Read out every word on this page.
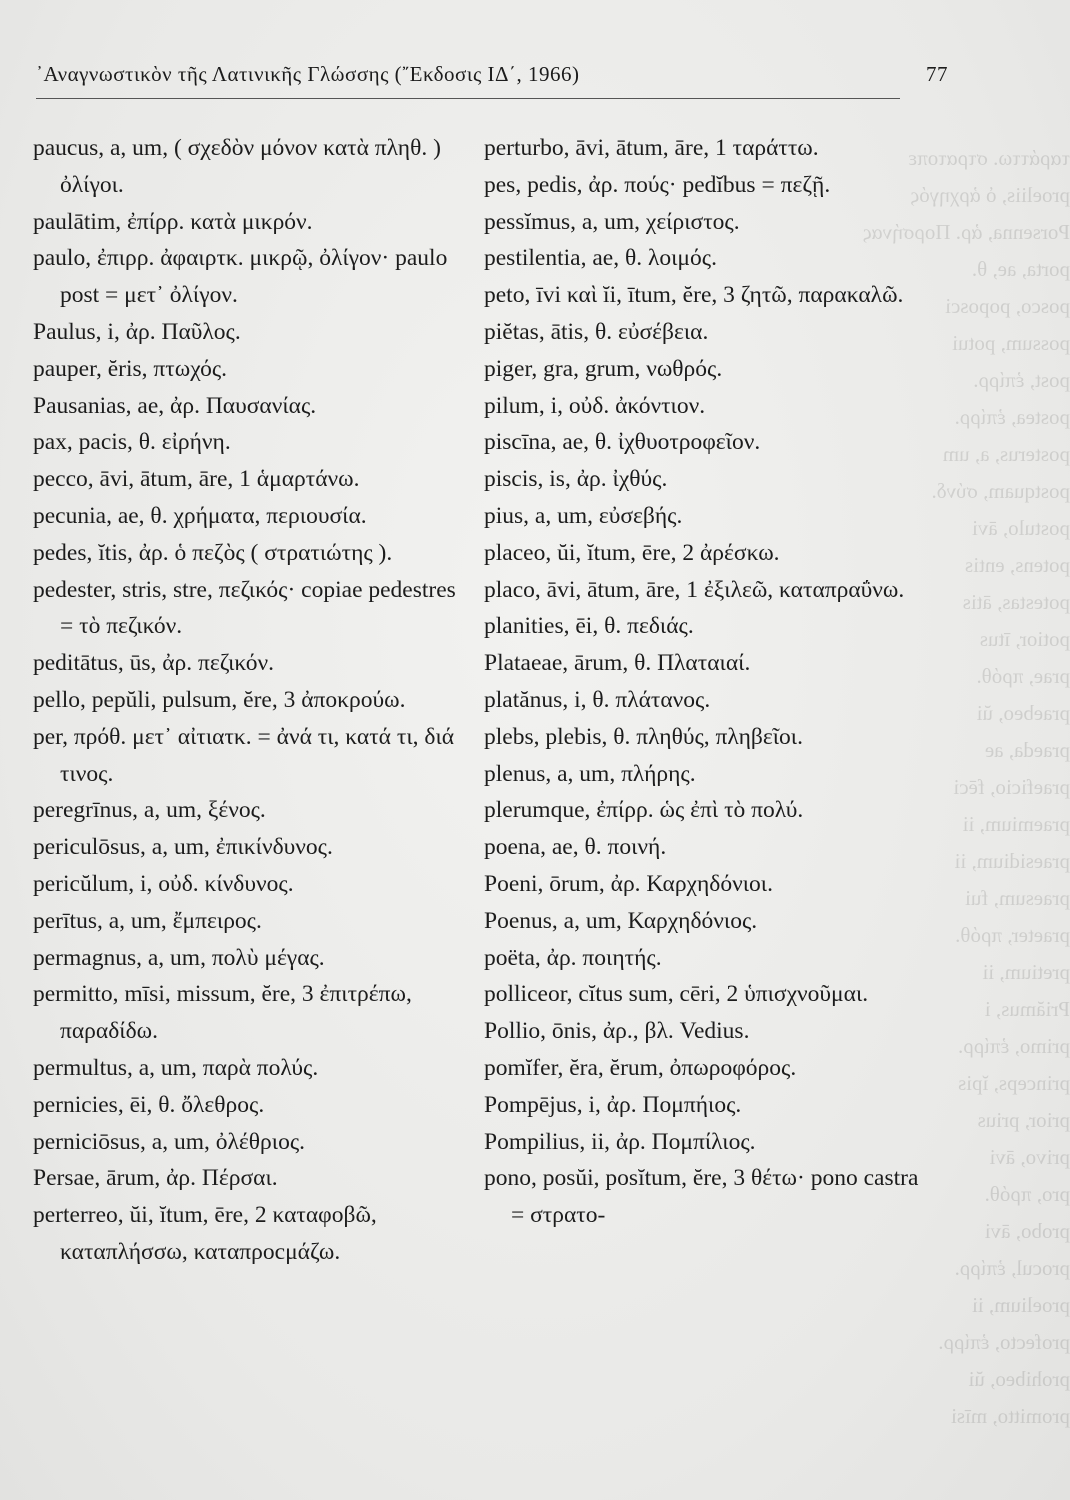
᾿Αναγνωστικὸν τῆς Λατινικῆς Γλώσσης (῎Εκδοσις ΙΔ΄, 1966)	77

paucus, a, um, ( σχεδὸν μόνον κατὰ πληθ. ) ὀλίγοι.

paulātim, ἐπίρρ. κατὰ μικρόν.

paulo, ἐπιρρ. ἀφαιρτκ. μικρῷ, ὀλίγον· paulo post = μετ᾿ ὀλίγον.

Paulus, i, ἀρ. Παῦλος.

pauper, ĕris, πτωχός.

Pausanias, ae, ἀρ. Παυσανίας.

pax, pacis, θ. εἰρήνη.

pecco, āvi, ātum, āre, 1 ἁμαρτάνω.

pecunia, ae, θ. χρήματα, περιουσία.

pedes, ĭtis, ἀρ. ὁ πεζὸς ( στρατιώτης ).

pedester, stris, stre, πεζικός· copiae pedestres = τὸ πεζικόν.

peditātus, ūs, ἀρ. πεζικόν.

pello, pepŭli, pulsum, ĕre, 3 ἀποκρούω.

per, πρόθ. μετ᾿ αἰτιατκ. = ἀνά τι, κατά τι, διά τινος.

peregrīnus, a, um, ξένος.

periculōsus, a, um, ἐπικίνδυνος.

pericŭlum, i, οὐδ. κίνδυνος.

perītus, a, um, ἔμπειρος.

permagnus, a, um, πολὺ μέγας.

permitto, mīsi, missum, ĕre, 3 ἐπιτρέπω, παραδίδω.

permultus, a, um, παρὰ πολύς.

pernicies, ēi, θ. ὄλεθρος.

perniciōsus, a, um, ὀλέθριος.

Persae, ārum, ἀρ. Πέρσαι.

perterreo, ŭi, ĭtum, ēre, 2 καταφοβῶ, καταπλήσσω, καταπροcμάζω.

perturbo, āvi, ātum, āre, 1 ταράττω.

pes, pedis, ἀρ. πούς· pedĭbus = πεζῇ.

pessĭmus, a, um, χείριστος.

pestilentia, ae, θ. λοιμός.

peto, īvi καὶ ĭi, ītum, ĕre, 3 ζητῶ, παρακαλῶ.

piĕtas, ātis, θ. εὐσέβεια.

piger, gra, grum, νωθρός.

pilum, i, οὐδ. ἀκόντιον.

piscīna, ae, θ. ἰχθυοτροφεῖον.

piscis, is, ἀρ. ἰχθύς.

pius, a, um, εὐσεβής.

placeo, ŭi, ĭtum, ēre, 2 ἀρέσκω.

placo, āvi, ātum, āre, 1 ἐξιλεῶ, καταπραΰνω.

planities, ēi, θ. πεδιάς.

Plataeae, ārum, θ. Πλαταιαί.

platănus, i, θ. πλάτανος.

plebs, plebis, θ. πληθύς, πληβεῖοι.

plenus, a, um, πλήρης.

plerumque, ἐπίρρ. ὡς ἐπὶ τὸ πολύ.

poena, ae, θ. ποινή.

Poeni, ōrum, ἀρ. Καρχηδόνιοι.

Poenus, a, um, Καρχηδόνιος.

poëta, ἀρ. ποιητής.

polliceor, cĭtus sum, cēri, 2 ὑπισχνοῦμαι.

Pollio, ōnis, ἀρ., βλ. Vedius.

pomĭfer, ĕra, ĕrum, ὀπωροφόρος.

Pompējus, i, ἀρ. Πομπήιος.

Pompilius, ii, ἀρ. Πομπίλιος.

pono, posŭi, posĭtum, ĕre, 3 θέτω· pono castra = στρατο-

ταράττω. στρατοπε
proeliis, ὁ ἀρχηγός
Porsenna, ἀρ. Πορσήνας
porta, ae, θ.
posco, poposci
possum, potui
post, ἐπίρρ.
postea, ἐπίρρ.
posterus, a, um
postquam, σύνδ.
postulo, āvi
potens, entis
potestas, ātis
potior, ītus
prae, πρόθ.
praebeo, ŭi
praeda, ae
praeficio, fēci
praemium, ii
praesidium, ii
praesum, fui
praeter, πρόθ.
pretium, ii
Priămus, i
primo, ἐπίρρ.
princeps, ĭpis
prior, prius
privo, āvi
pro, πρόθ.
probo, āvi
procul, ἐπίρρ.
proelium, ii
profecto, ἐπίρρ.
prohibeo, ŭi
promitto, mīsi
